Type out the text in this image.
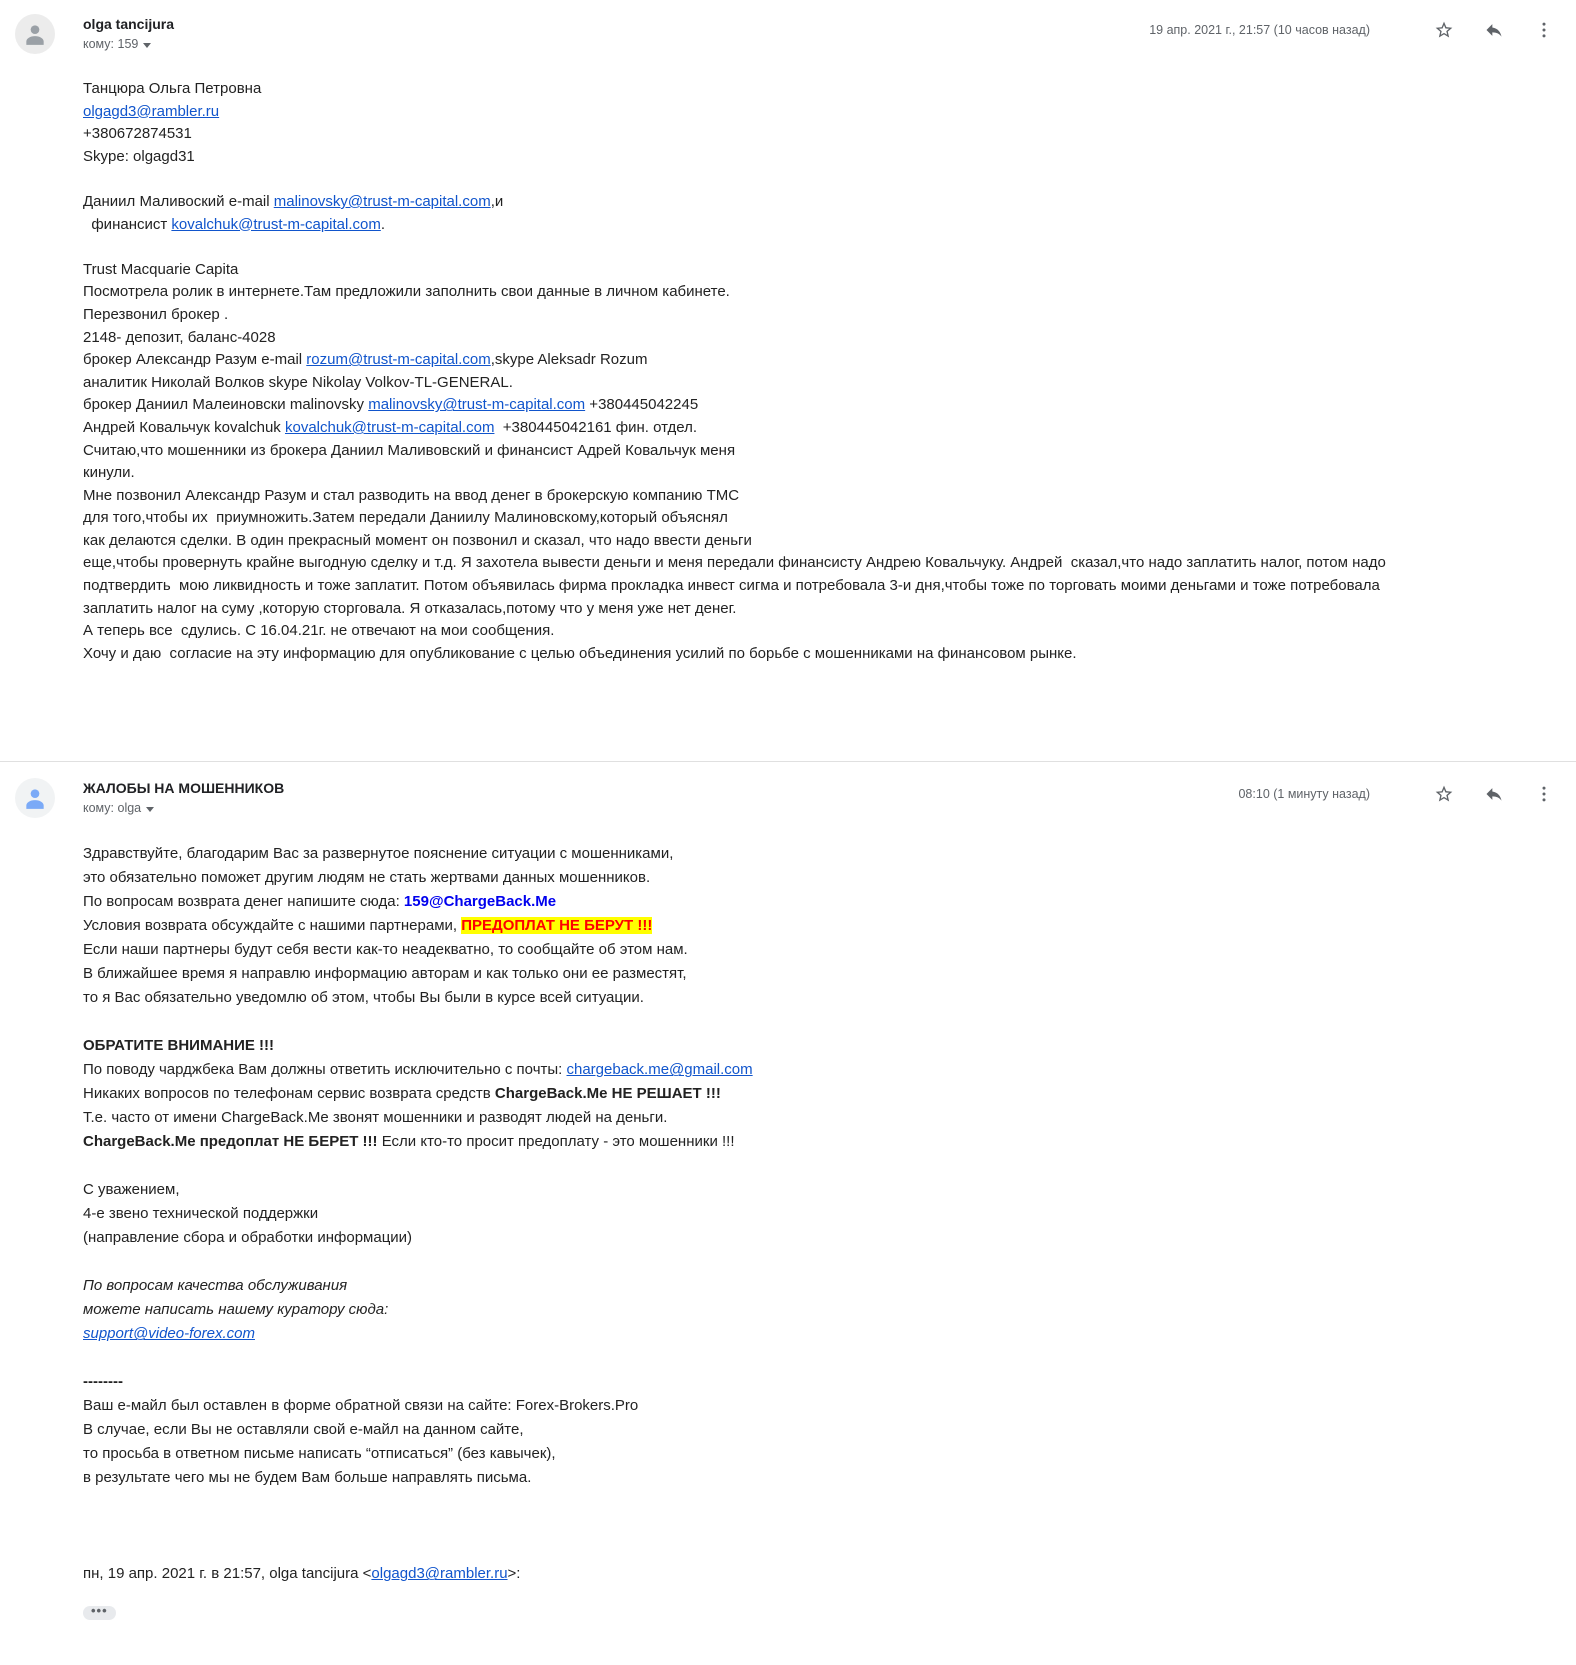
olga tancijura
кому: 159
19 апр. 2021 г., 21:57 (10 часов назад)
Танцюра Ольга Петровна
olgagd3@rambler.ru
+380672874531
Skype: olgagd31

Даниил Маливоский e-mail malinovsky@trust-m-capital.com,и
финансист kovalchuk@trust-m-capital.com.

Trust Macquarie Capita
Посмотрела ролик в интернете.Там предложили заполнить свои данные в личном кабинете.
Перезвонил брокер .
2148- депозит, баланс-4028
брокер Александр Разум e-mail rozum@trust-m-capital.com,skype Aleksadr Rozum
аналитик Николай Волков skype Nikolay Volkov-TL-GENERAL.
брокер Даниил Малеиновски malinovsky malinovsky@trust-m-capital.com +380445042245
Андрей Ковальчук kovalchuk kovalchuk@trust-m-capital.com  +380445042161 фин. отдел.
Считаю,что мошенники из брокера Даниил Маливовский и финансист Адрей Ковальчук меня
кинули.
Мне позвонил Александр Разум и стал разводить на ввод денег в брокерскую компанию ТМС
для того,чтобы их  приумножить.Затем передали Даниилу Малиновскому,который объяснял
как делаются сделки. В один прекрасный момент он позвонил и сказал, что надо ввести деньги
еще,чтобы провернуть крайне выгодную сделку и т.д. Я захотела вывести деньги и меня передали финансисту Андрею Ковальчуку. Андрей  сказал,что надо заплатить налог, потом надо
подтвердить  мою ликвидность и тоже заплатит. Потом объявилась фирма прокладка инвест сигма и потребовала 3-и дня,чтобы тоже по торговать моими деньгами и тоже потребовала
заплатить налог на суму ,которую сторговала. Я отказалась,потому что у меня уже нет денег.
А теперь все  сдулись. С 16.04.21г. не отвечают на мои сообщения.
Хочу и даю  согласие на эту информацию для опубликование с целью объединения усилий по борьбе с мошенниками на финансовом рынке.
ЖАЛОБЫ НА МОШЕННИКОВ
кому: olga
08:10 (1 минуту назад)
Здравствуйте, благодарим Вас за развернутое пояснение ситуации с мошенниками,
это обязательно поможет другим людям не стать жертвами данных мошенников.
По вопросам возврата денег напишите сюда: 159@ChargeBack.Me
Условия возврата обсуждайте с нашими партнерами, ПРЕДОПЛАТ НЕ БЕРУТ !!!
Если наши партнеры будут себя вести как-то неадекватно, то сообщайте об этом нам.
В ближайшее время я направлю информацию авторам и как только они ее разместят,
то я Вас обязательно уведомлю об этом, чтобы Вы были в курсе всей ситуации.

ОБРАТИТЕ ВНИМАНИЕ !!!
По поводу чарджбека Вам должны ответить исключительно с почты: chargeback.me@gmail.com
Никаких вопросов по телефонам сервис возврата средств ChargeBack.Me НЕ РЕШАЕТ !!!
Т.е. часто от имени ChargeBack.Me звонят мошенники и разводят людей на деньги.
ChargeBack.Me предоплат НЕ БЕРЕТ !!! Если кто-то просит предоплату - это мошенники !!!

С уважением,
4-е звено технической поддержки
(направление сбора и обработки информации)

По вопросам качества обслуживания
можете написать нашему куратору сюда:
support@video-forex.com

--------
Ваш е-майл был оставлен в форме обратной связи на сайте: Forex-Brokers.Pro
В случае, если Вы не оставляли свой е-майл на данном сайте,
то просьба в ответном письме написать “отписаться” (без кавычек),
в результате чего мы не будем Вам больше направлять письма.

пн, 19 апр. 2021 г. в 21:57, olga tancijura <olgagd3@rambler.ru>:
•••
